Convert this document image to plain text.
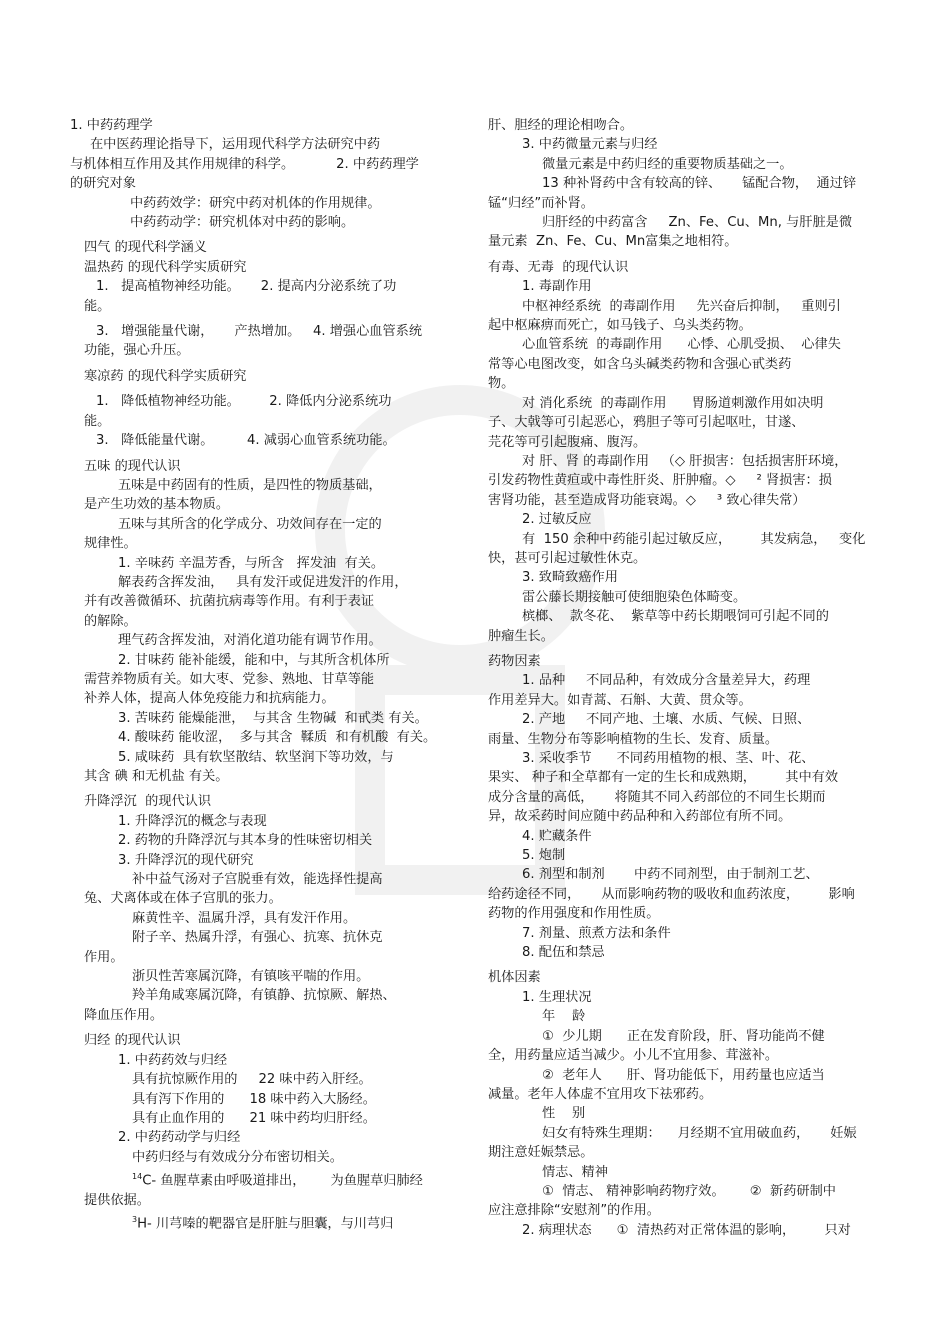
1. 中药药理学
在中医药理论指导下，运用现代科学方法研究中药
与机体相互作用及其作用规律的科学。          2. 中药药理学
的研究对象
中药药效学：研究中药对机体的作用规律。
中药药动学：研究机体对中药的影响。
四气 的现代科学涵义
温热药 的现代科学实质研究
1.   提高植物神经功能。     2. 提高内分泌系统了功
能。
3.   增强能量代谢，     产热增加。   4. 增强心血管系统
功能，强心升压。
寒凉药 的现代科学实质研究
1.   降低植物神经功能。       2. 降低内分泌系统功
能。
3.   降低能量代谢。        4. 减弱心血管系统功能。
五味 的现代认识
五味是中药固有的性质，是四性的物质基础，
是产生功效的基本物质。
五味与其所含的化学成分、功效间存在一定的
规律性。
1. 辛味药 辛温芳香，与所含   挥发油  有关。
解表药含挥发油，   具有发汗或促进发汗的作用，
并有改善微循环、抗菌抗病毒等作用。有利于表证
的解除。
理气药含挥发油，对消化道功能有调节作用。
2. 甘味药 能补能缓，能和中，与其所含机体所
需营养物质有关。如大枣、党参、熟地、甘草等能
补养人体，提高人体免疫能力和抗病能力。
3. 苦味药 能燥能泄，  与其含 生物碱  和甙类 有关。
4. 酸味药 能收涩，  多与其含  鞣质  和有机酸  有关。
5. 咸味药  具有软坚散结、软坚润下等功效，与
其含 碘 和无机盐 有关。
升降浮沉  的现代认识
1. 升降浮沉的概念与表现
2. 药物的升降浮沉与其本身的性味密切相关
3. 升降浮沉的现代研究
补中益气汤对子宫脱垂有效，能选择性提高
兔、犬离体或在体子宫肌的张力。
麻黄性辛、温属升浮，具有发汗作用。
附子辛、热属升浮，有强心、抗寒、抗休克
作用。
浙贝性苦寒属沉降，有镇咳平喘的作用。
羚羊角咸寒属沉降，有镇静、抗惊厥、解热、
降血压作用。
归经 的现代认识
1. 中药药效与归经
具有抗惊厥作用的     22 味中药入肝经。
具有泻下作用的      18 味中药入大肠经。
具有止血作用的      21 味中药均归肝经。
2. 中药药动学与归经
中药归经与有效成分分布密切相关。
$^{14}$C- 鱼腥草素由呼吸道排出，      为鱼腥草归肺经
提供依据。
$^3$H- 川芎嗪的靶器官是肝脏与胆囊，与川芎归
肝、胆经的理论相吻合。
3. 中药微量元素与归经
微量元素是中药归经的重要物质基础之一。
13 种补肾药中含有较高的锌、     锰配合物，  通过锌
锰“归经”而补肾。
归肝经的中药富含     Zn、Fe、Cu、Mn, 与肝脏是微
量元素  Zn、Fe、Cu、Mn富集之地相符。
有毒、无毒  的现代认识
1. 毒副作用
中枢神经系统  的毒副作用     先兴奋后抑制，   重则引
起中枢麻痹而死亡，如马钱子、乌头类药物。
心血管系统  的毒副作用      心悸、心肌受损、  心律失
常等心电图改变，如含乌头碱类药物和含强心甙类药
物。
对 消化系统  的毒副作用      胃肠道刺激作用如决明
子、大戟等可引起恶心，鸦胆子等可引起呕吐，甘遂、
芫花等可引起腹痛、腹泻。
对 肝、肾 的毒副作用   （◇ 肝损害：包括损害肝环境，
引发药物性黄疸或中毒性肝炎、肝肿瘤。◇     ² 肾损害：损
害肾功能，甚至造成肾功能衰竭。◇     ³ 致心律失常）
2. 过敏反应
有  150 余种中药能引起过敏反应，       其发病急，   变化
快，甚可引起过敏性休克。
3. 致畸致癌作用
雷公藤长期接触可使细胞染色体畸变。
槟榔、  款冬花、  紫草等中药长期喂饲可引起不同的
肿瘤生长。
药物因素
1. 品种     不同品种，有效成分含量差异大，药理
作用差异大。如青蒿、石斛、大黄、贯众等。
2. 产地     不同产地、土壤、水质、气候、日照、
雨量、生物分布等影响植物的生长、发育、质量。
3. 采收季节      不同药用植物的根、茎、叶、花、
果实、 种子和全草都有一定的生长和成熟期，       其中有效
成分含量的高低，     将随其不同入药部位的不同生长期而
异，故采药时间应随中药品种和入药部位有所不同。
4. 贮藏条件
5. 炮制
6. 剂型和制剂       中药不同剂型，由于制剂工艺、
给药途径不同，     从而影响药物的吸收和血药浓度，       影响
药物的作用强度和作用性质。
7. 剂量、煎煮方法和条件
8. 配伍和禁忌
机体因素
1. 生理状况
年    龄
①  少儿期      正在发育阶段，肝、肾功能尚不健
全，用药量应适当减少。小儿不宜用参、茸滋补。
②  老年人      肝、肾功能低下，用药量也应适当
减量。老年人体虚不宜用攻下祛邪药。
性    别
妇女有特殊生理期：    月经期不宜用破血药，     妊娠
期注意妊娠禁忌。
情志、精神
①  情志、 精神影响药物疗效。      ②  新药研制中
应注意排除“安慰剂”的作用。
2. 病理状态      ①  清热药对正常体温的影响，       只对
